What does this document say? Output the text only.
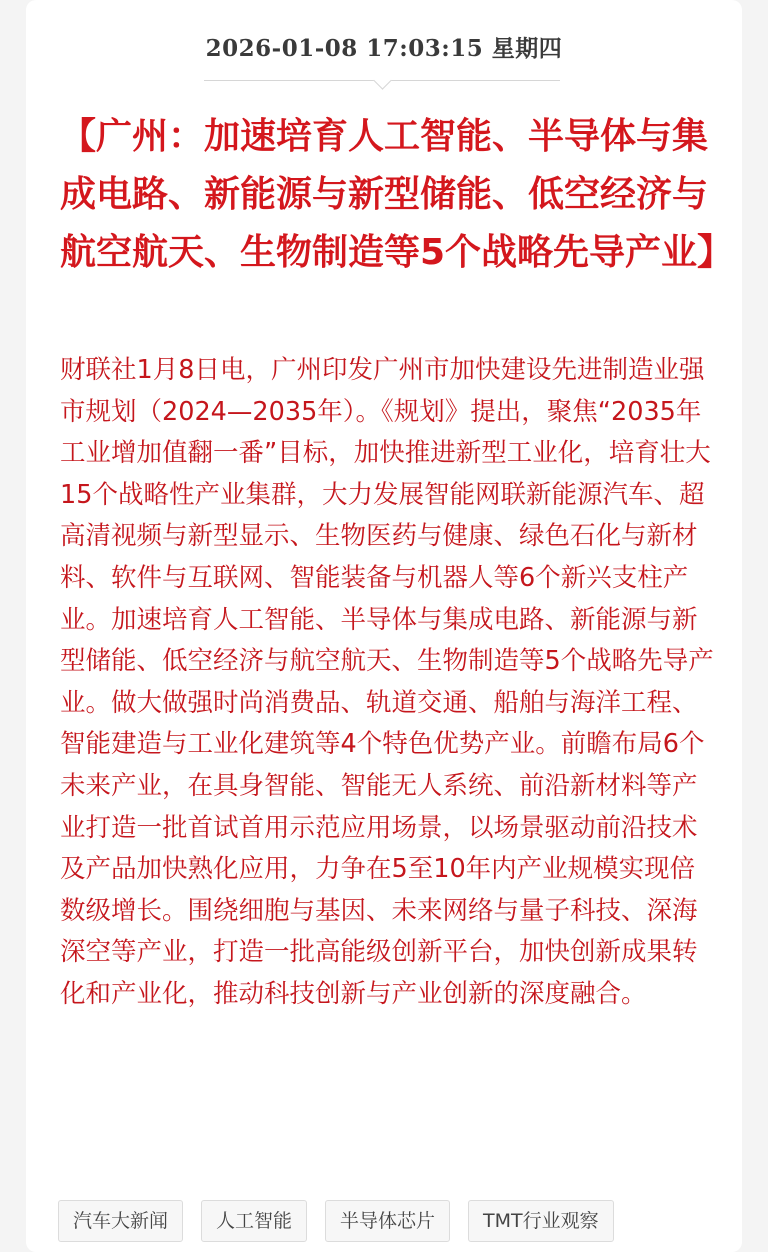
2026-01-08 17:03:15 星期四
【广州：加速培育人工智能、半导体与集成电路、新能源与新型储能、低空经济与航空航天、生物制造等5个战略先导产业】

财联社1月8日电，广州印发广州市加快建设先进制造业强市规划（2024—2035年）。《规划》提出，聚焦“2035年工业增加值翻一番”目标，加快推进新型工业化，培育壮大15个战略性产业集群，大力发展智能网联新能源汽车、超高清视频与新型显示、生物医药与健康、绿色石化与新材料、软件与互联网、智能装备与机器人等6个新兴支柱产业。加速培育人工智能、半导体与集成电路、新能源与新型储能、低空经济与航空航天、生物制造等5个战略先导产业。做大做强时尚消费品、轨道交通、船舶与海洋工程、智能建造与工业化建筑等4个特色优势产业。前瞻布局6个未来产业，在具身智能、智能无人系统、前沿新材料等产业打造一批首试首用示范应用场景，以场景驱动前沿技术及产品加快熟化应用，力争在5至10年内产业规模实现倍数级增长。围绕细胞与基因、未来网络与量子科技、深海深空等产业，打造一批高能级创新平台，加快创新成果转化和产业化，推动科技创新与产业创新的深度融合。

汽车大新闻	人工智能	半导体芯片	TMT行业观察
